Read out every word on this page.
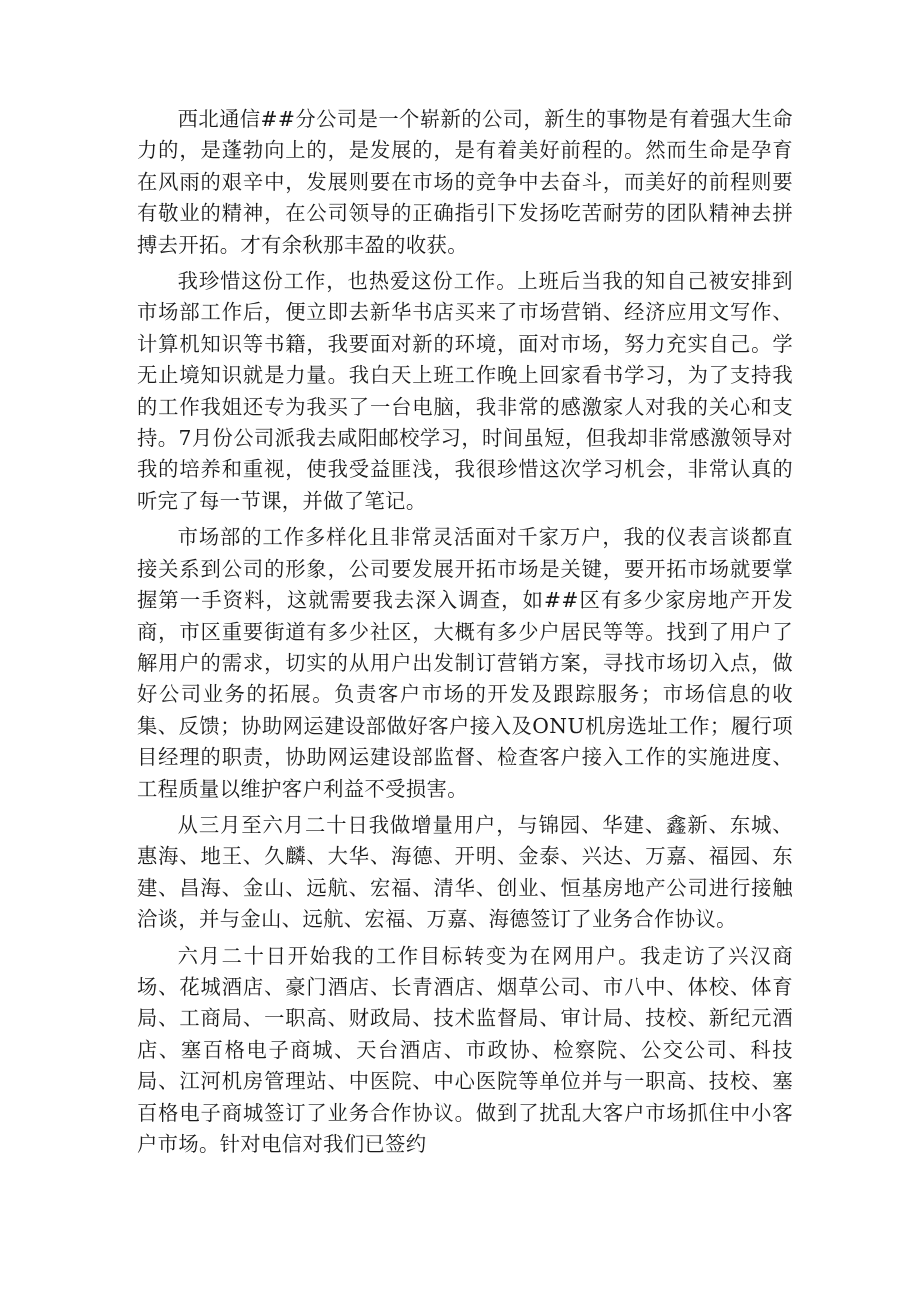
西北通信##分公司是一个崭新的公司，新生的事物是有着强大生命力的，是蓬勃向上的，是发展的，是有着美好前程的。然而生命是孕育在风雨的艰辛中，发展则要在市场的竞争中去奋斗，而美好的前程则要有敬业的精神，在公司领导的正确指引下发扬吃苦耐劳的团队精神去拼搏去开拓。才有余秋那丰盈的收获。

我珍惜这份工作，也热爱这份工作。上班后当我的知自己被安排到市场部工作后，便立即去新华书店买来了市场营销、经济应用文写作、计算机知识等书籍，我要面对新的环境，面对市场，努力充实自己。学无止境知识就是力量。我白天上班工作晚上回家看书学习，为了支持我的工作我姐还专为我买了一台电脑，我非常的感激家人对我的关心和支持。7月份公司派我去咸阳邮校学习，时间虽短，但我却非常感激领导对我的培养和重视，使我受益匪浅，我很珍惜这次学习机会，非常认真的听完了每一节课，并做了笔记。

市场部的工作多样化且非常灵活面对千家万户，我的仪表言谈都直接关系到公司的形象，公司要发展开拓市场是关键，要开拓市场就要掌握第一手资料，这就需要我去深入调查，如##区有多少家房地产开发商，市区重要街道有多少社区，大概有多少户居民等等。找到了用户了解用户的需求，切实的从用户出发制订营销方案，寻找市场切入点，做好公司业务的拓展。负责客户市场的开发及跟踪服务；市场信息的收集、反馈；协助网运建设部做好客户接入及ONU机房选址工作；履行项目经理的职责，协助网运建设部监督、检查客户接入工作的实施进度、工程质量以维护客户利益不受损害。

从三月至六月二十日我做增量用户，与锦园、华建、鑫新、东城、惠海、地王、久麟、大华、海德、开明、金泰、兴达、万嘉、福园、东建、昌海、金山、远航、宏福、清华、创业、恒基房地产公司进行接触洽谈，并与金山、远航、宏福、万嘉、海德签订了业务合作协议。

六月二十日开始我的工作目标转变为在网用户。我走访了兴汉商场、花城酒店、豪门酒店、长青酒店、烟草公司、市八中、体校、体育局、工商局、一职高、财政局、技术监督局、审计局、技校、新纪元酒店、塞百格电子商城、天台酒店、市政协、检察院、公交公司、科技局、江河机房管理站、中医院、中心医院等单位并与一职高、技校、塞百格电子商城签订了业务合作协议。做到了扰乱大客户市场抓住中小客户市场。针对电信对我们已签约
